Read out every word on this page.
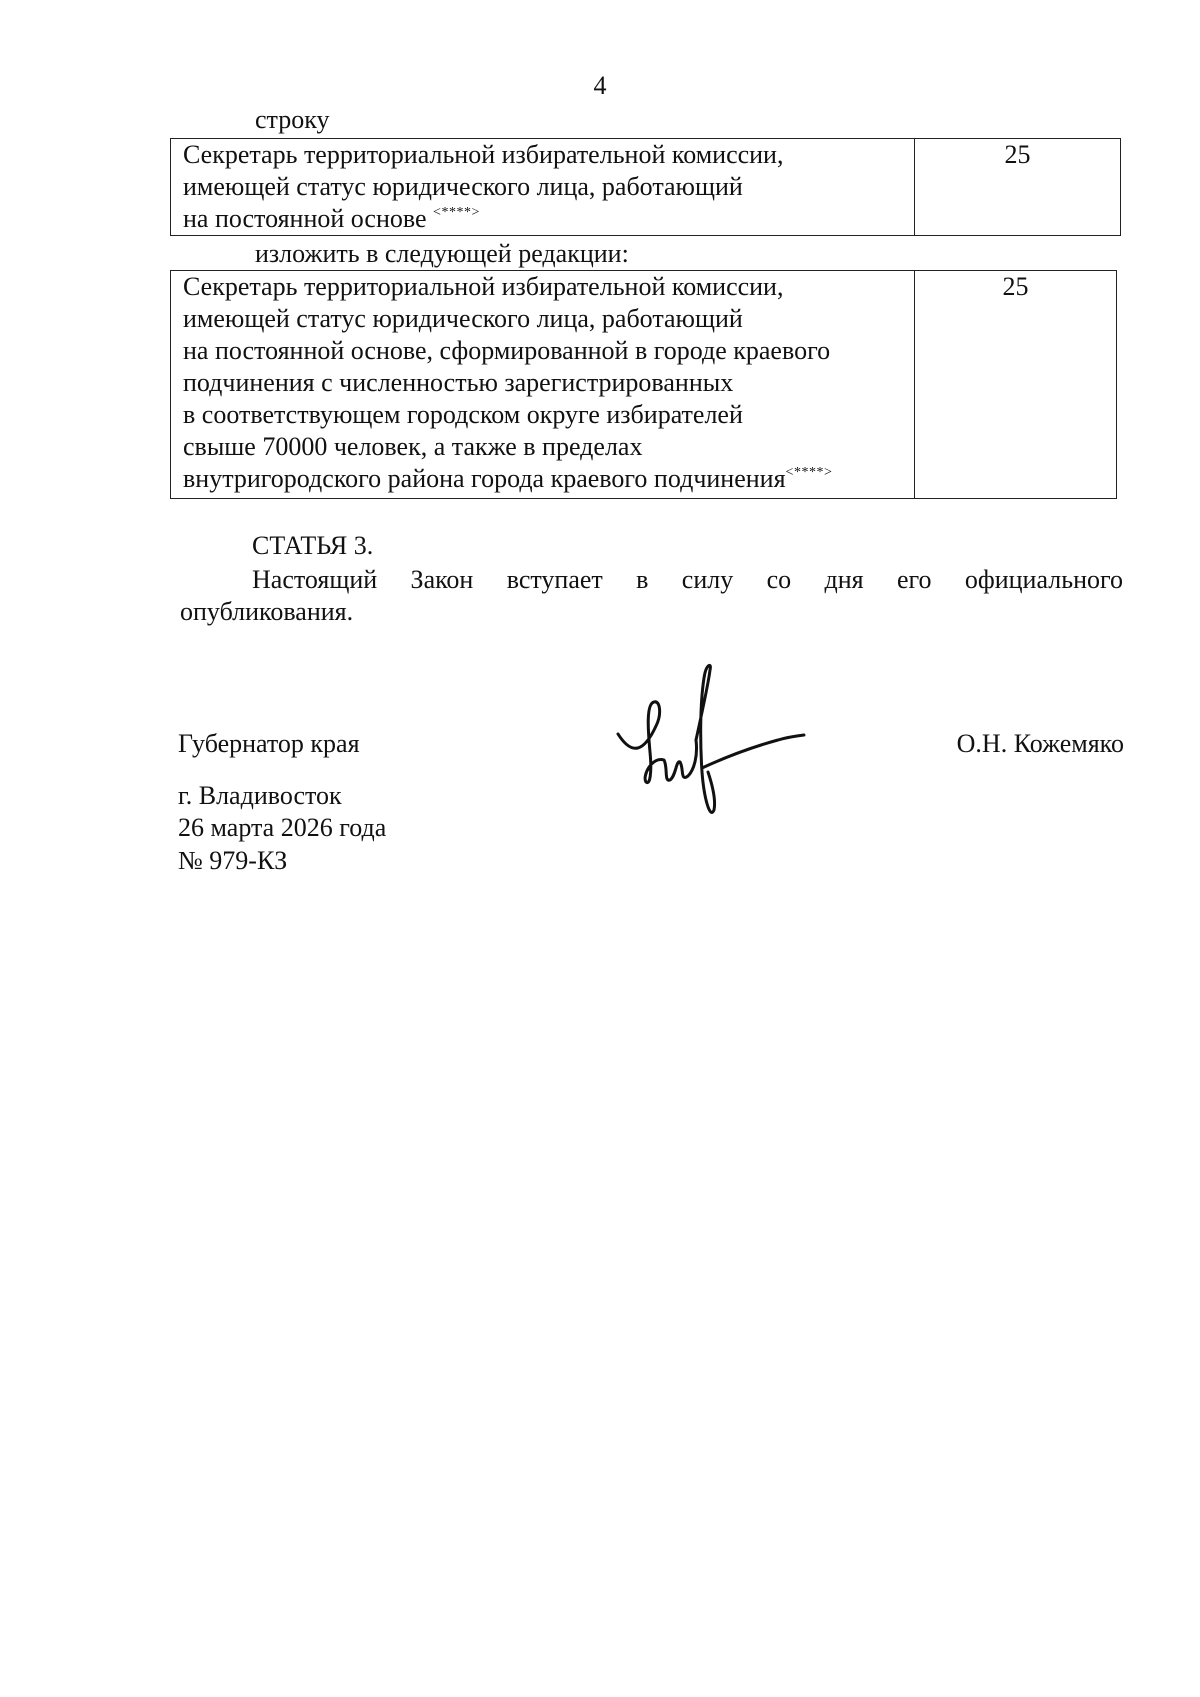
4
строку
Секретарь территориальной избирательной комиссии,
имеющей статус юридического лица, работающий
на постоянной основе <****>
	25
изложить в следующей редакции:
Секретарь территориальной избирательной комиссии,
имеющей статус юридического лица, работающий
на постоянной основе, сформированной в городе краевого
подчинения с численностью зарегистрированных
в соответствующем городском округе избирателей
свыше 70000 человек, а также в пределах
внутригородского района города краевого подчинения<****>
	25
СТАТЬЯ 3.
Настоящий Закон вступает в силу со дня его официального
опубликования.
Губернатор края	О.Н. Кожемяко
г. Владивосток
26 марта 2026 года
№ 979-КЗ
